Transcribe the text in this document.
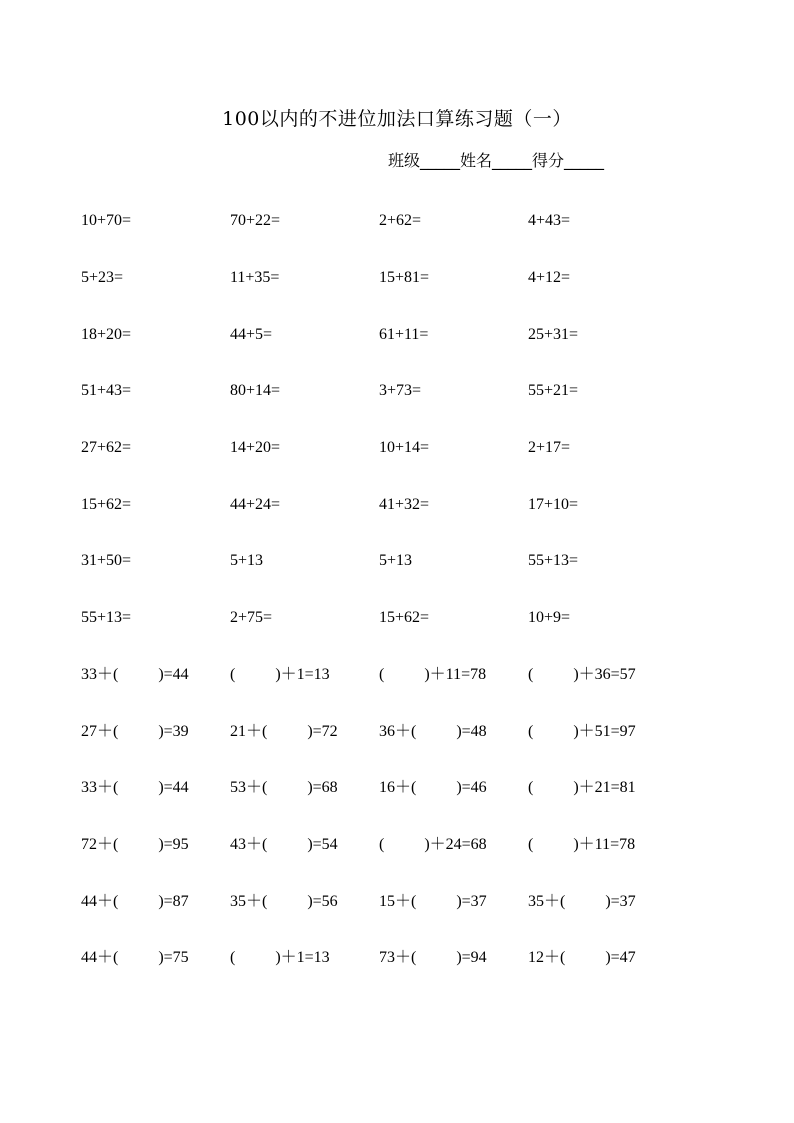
100以内的不进位加法口算练习题（一）
班级_____姓名_____得分_____
10+70=	70+22=	2+62=	4+43=
5+23=	11+35=	15+81=	4+12=
18+20=	44+5=	61+11=	25+31=
51+43=	80+14=	3+73=	55+21=
27+62=	14+20=	10+14=	2+17=
15+62=	44+24=	41+32=	17+10=
31+50=	5+13	5+13	55+13=
55+13=	2+75=	15+62=	10+9=
33＋(          )=44	(          )＋1=13	(          )＋11=78	(          )＋36=57
27＋(          )=39	21＋(          )=72	36＋(          )=48	(          )＋51=97
33＋(          )=44	53＋(          )=68	16＋(          )=46	(          )＋21=81
72＋(          )=95	43＋(          )=54	(          )＋24=68	(          )＋11=78
44＋(          )=87	35＋(          )=56	15＋(          )=37	35＋(          )=37
44＋(          )=75	(          )＋1=13	73＋(          )=94	12＋(          )=47
